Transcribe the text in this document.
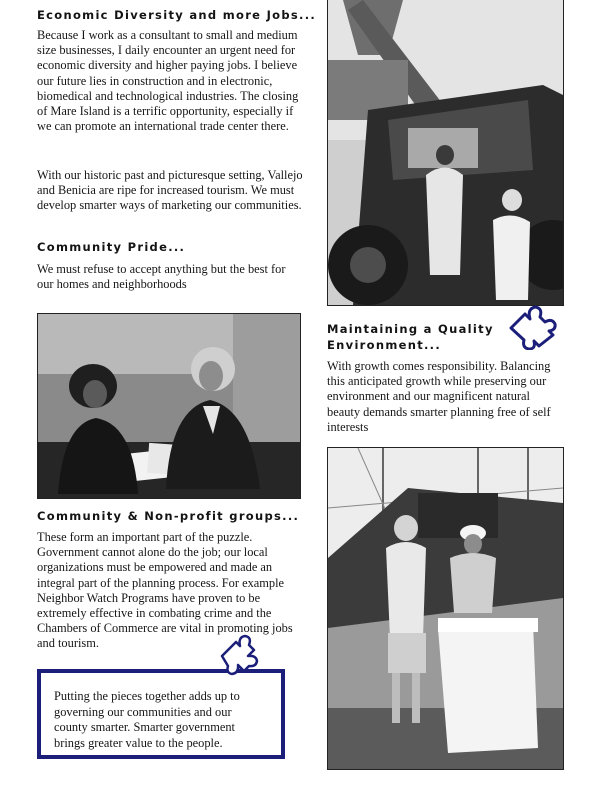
Economic Diversity and more Jobs...

Because I work as a consultant to small and medium size businesses, I daily encounter an urgent need for economic diversity and higher paying jobs. I believe our future lies in construction and in electronic, biomedical and technological industries. The closing of Mare Island is a terrific opportunity, especially if we can promote an international trade center there.

With our historic past and picturesque setting, Vallejo and Benicia are ripe for increased tourism. We must develop smarter ways of marketing our communities.

Community Pride...

We must refuse to accept anything but the best for our homes and neighborhoods

Community & Non-profit groups...

These form an important part of the puzzle. Government cannot alone do the job; our local organizations must be empowered and made an integral part of the planning process. For example Neighbor Watch Programs have proven to be extremely effective in combating crime and the Chambers of Commerce are vital in promoting jobs and tourism.

Putting the pieces together adds up to governing our communities and our county smarter. Smarter government brings greater value to the people.

Maintaining a Quality
Environment...

With growth comes responsibility. Balancing this anticipated growth while preserving our environment and our magnificent natural beauty demands smarter planning free of self interests
